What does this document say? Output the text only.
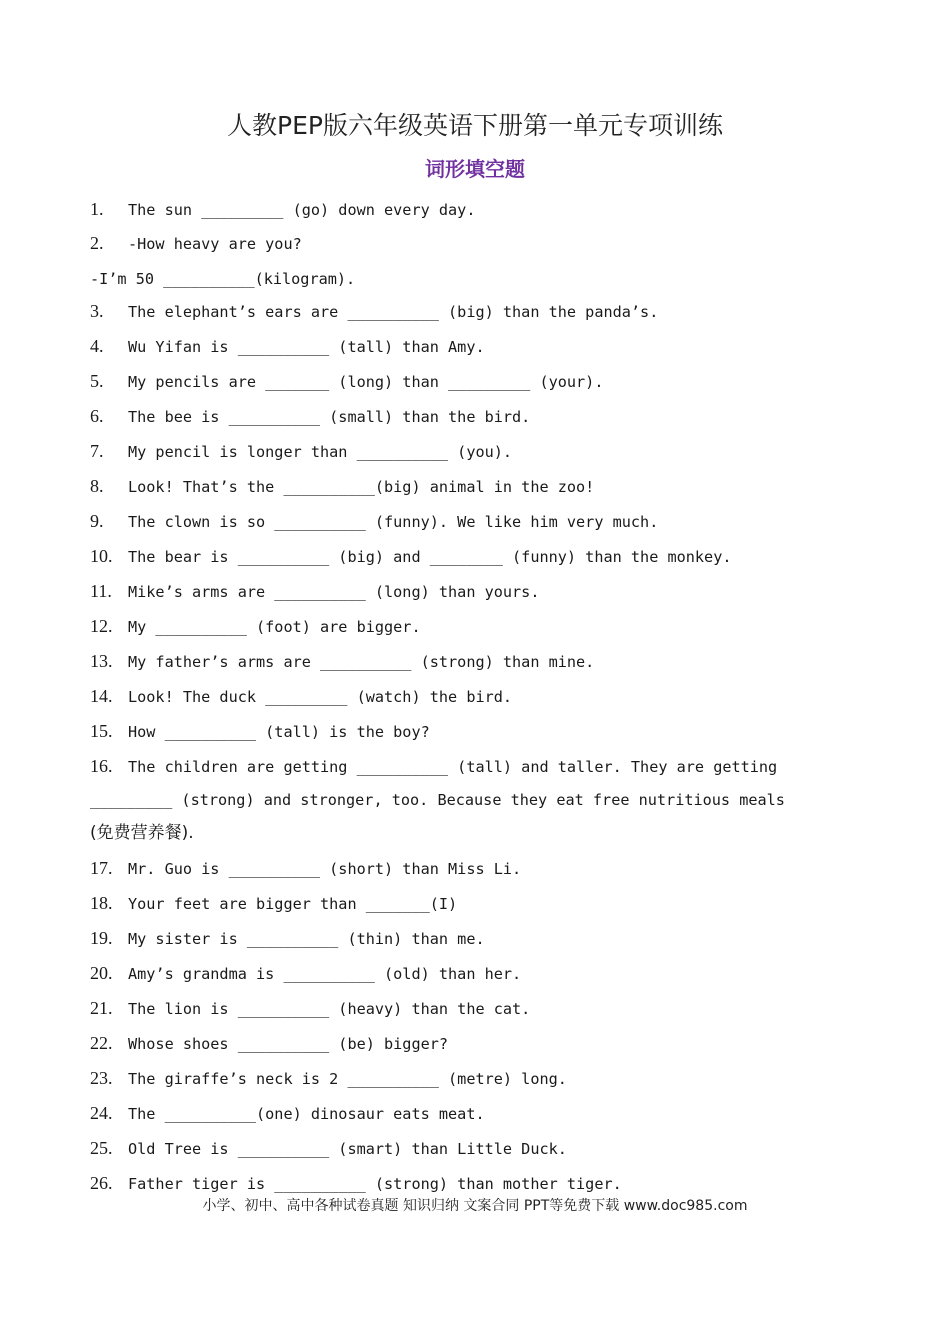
人教PEP版六年级英语下册第一单元专项训练
词形填空题
1. The sun _________ (go) down every day.
2. -How heavy are you?
-I’m 50 __________(kilogram).
3. The elephant’s ears are __________ (big) than the panda’s.
4. Wu Yifan is __________ (tall) than Amy.
5. My pencils are _______ (long) than _________ (your).
6. The bee is __________ (small) than the bird.
7. My pencil is longer than __________ (you).
8. Look! That’s the __________(big) animal in the zoo!
9. The clown is so __________ (funny). We like him very much.
10. The bear is __________ (big) and ________ (funny) than the monkey.
11. Mike’s arms are __________ (long) than yours.
12. My __________ (foot) are bigger.
13. My father’s arms are __________ (strong) than mine.
14. Look! The duck _________ (watch) the bird.
15. How __________ (tall) is the boy?
16. The children are getting __________ (tall) and taller. They are getting _________ (strong) and stronger, too. Because they eat free nutritious meals
(免费营养餐).
17. Mr. Guo is __________ (short) than Miss Li.
18. Your feet are bigger than _______(I)
19. My sister is __________ (thin) than me.
20. Amy’s grandma is __________ (old) than her.
21. The lion is __________ (heavy) than the cat.
22. Whose shoes __________ (be) bigger?
23. The giraffe’s neck is 2 __________ (metre) long.
24. The __________(one) dinosaur eats meat.
25. Old Tree is __________ (smart) than Little Duck.
26. Father tiger is __________ (strong) than mother tiger.
小学、初中、高中各种试卷真题 知识归纳 文案合同 PPT等免费下载 www.doc985.com
